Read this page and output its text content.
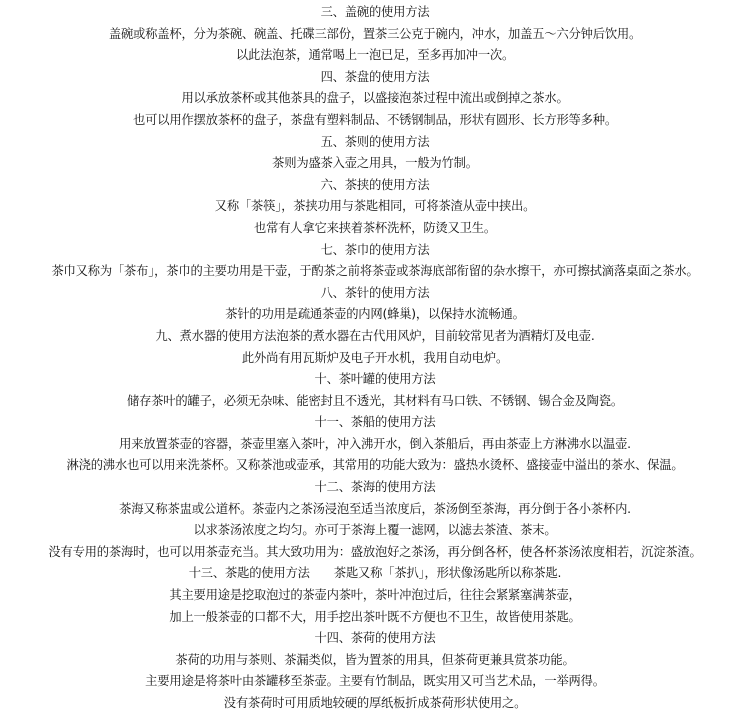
三、盖碗的使用方法
盖碗或称盖杯，分为茶碗、碗盖、托碟三部份，置茶三公克于碗内，冲水，加盖五～六分钟后饮用。
以此法泡茶，通常喝上一泡已足，至多再加冲一次。
四、茶盘的使用方法
用以承放茶杯或其他茶具的盘子，以盛接泡茶过程中流出或倒掉之茶水。
也可以用作摆放茶杯的盘子，茶盘有塑料制品、不锈钢制品，形状有圆形、长方形等多种。
五、茶则的使用方法
茶则为盛茶入壶之用具，一般为竹制。
六、茶挟的使用方法
又称「茶筷」，茶挟功用与茶匙相同，可将茶渣从壶中挟出。
也常有人拿它来挟着茶杯洗杯，防烫又卫生。
七、茶巾的使用方法
茶巾又称为「茶布」，茶巾的主要功用是干壶，于酌茶之前将茶壶或茶海底部衔留的杂水擦干，亦可擦拭滴落桌面之茶水。
八、茶针的使用方法
茶针的功用是疏通茶壶的内网(蜂巢)，以保持水流畅通。
九、煮水器的使用方法泡茶的煮水器在古代用风炉，目前较常见者为酒精灯及电壶.
此外尚有用瓦斯炉及电子开水机，我用自动电炉。
十、茶叶罐的使用方法
储存茶叶的罐子，必须无杂味、能密封且不透光，其材料有马口铁、不锈钢、锡合金及陶瓷。
十一、茶船的使用方法
用来放置茶壶的容器，茶壶里塞入茶叶，冲入沸开水，倒入茶船后，再由茶壶上方淋沸水以温壶.
淋浇的沸水也可以用来洗茶杯。又称茶池或壶承，其常用的功能大致为：盛热水烫杯、盛接壶中溢出的茶水、保温。
十二、茶海的使用方法
茶海又称茶盅或公道杯。茶壶内之茶汤浸泡至适当浓度后，茶汤倒至茶海，再分倒于各小茶杯内.
以求茶汤浓度之均匀。亦可于茶海上覆一滤网，以滤去茶渣、茶末。
没有专用的茶海时，也可以用茶壶充当。其大致功用为：盛放泡好之茶汤，再分倒各杯，使各杯茶汤浓度相若，沉淀茶渣。
十三、茶匙的使用方法　　茶匙又称「茶扒」，形状像汤匙所以称茶匙.
其主要用途是挖取泡过的茶壶内茶叶，茶叶冲泡过后，往往会紧紧塞满茶壶，
加上一般茶壶的口都不大，用手挖出茶叶既不方便也不卫生，故皆使用茶匙。
十四、茶荷的使用方法
茶荷的功用与茶则、茶漏类似，皆为置茶的用具，但茶荷更兼具赏茶功能。
主要用途是将茶叶由茶罐移至茶壶。主要有竹制品，既实用又可当艺术品，一举两得。
没有茶荷时可用质地较硬的厚纸板折成茶荷形状使用之。
